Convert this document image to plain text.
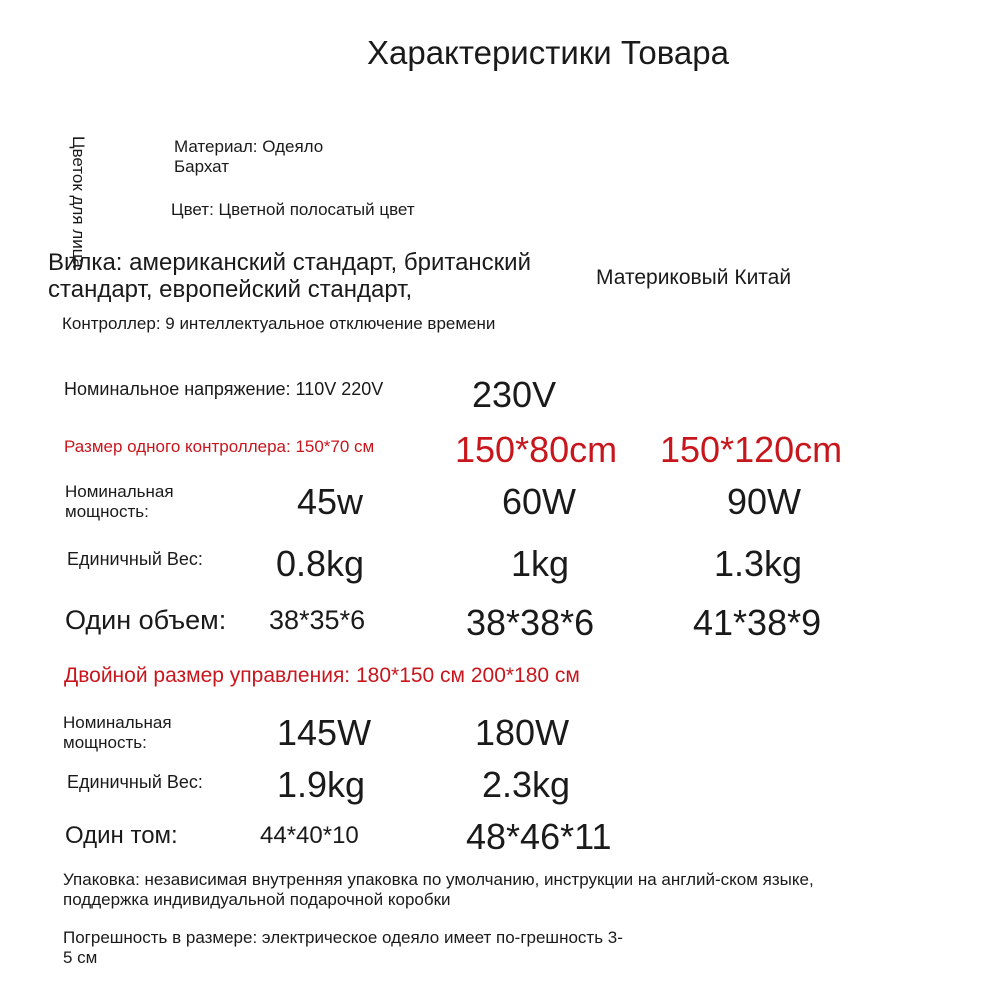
Характеристики Товара
Цветок для лица	Материал: Одеяло Бархат
Цвет: Цветной полосатый цвет
Вилка: американский стандарт, британский стандарт, европейский стандарт,	Материковый Китай
Контроллер: 9 интеллектуальное отключение времени
Номинальное напряжение: 110V 220V 230V
Размер одного контроллера: 150*70 см 150*80cm 150*120cm
Номинальная мощность:	45w	60W	90W
Единичный Вес: 0.8kg	1kg	1.3kg
Один объем: 38*35*6	38*38*6	41*38*9
Двойной размер управления: 180*150 см 200*180 см
Номинальная мощность:	145W	180W
Единичный Вес: 1.9kg	2.3kg
Один том:	44*40*10	48*46*11
Упаковка: независимая внутренняя упаковка по умолчанию, инструкции на англий-ском языке, поддержка индивидуальной подарочной коробки
Погрешность в размере: электрическое одеяло имеет по-грешность 3-5 см
